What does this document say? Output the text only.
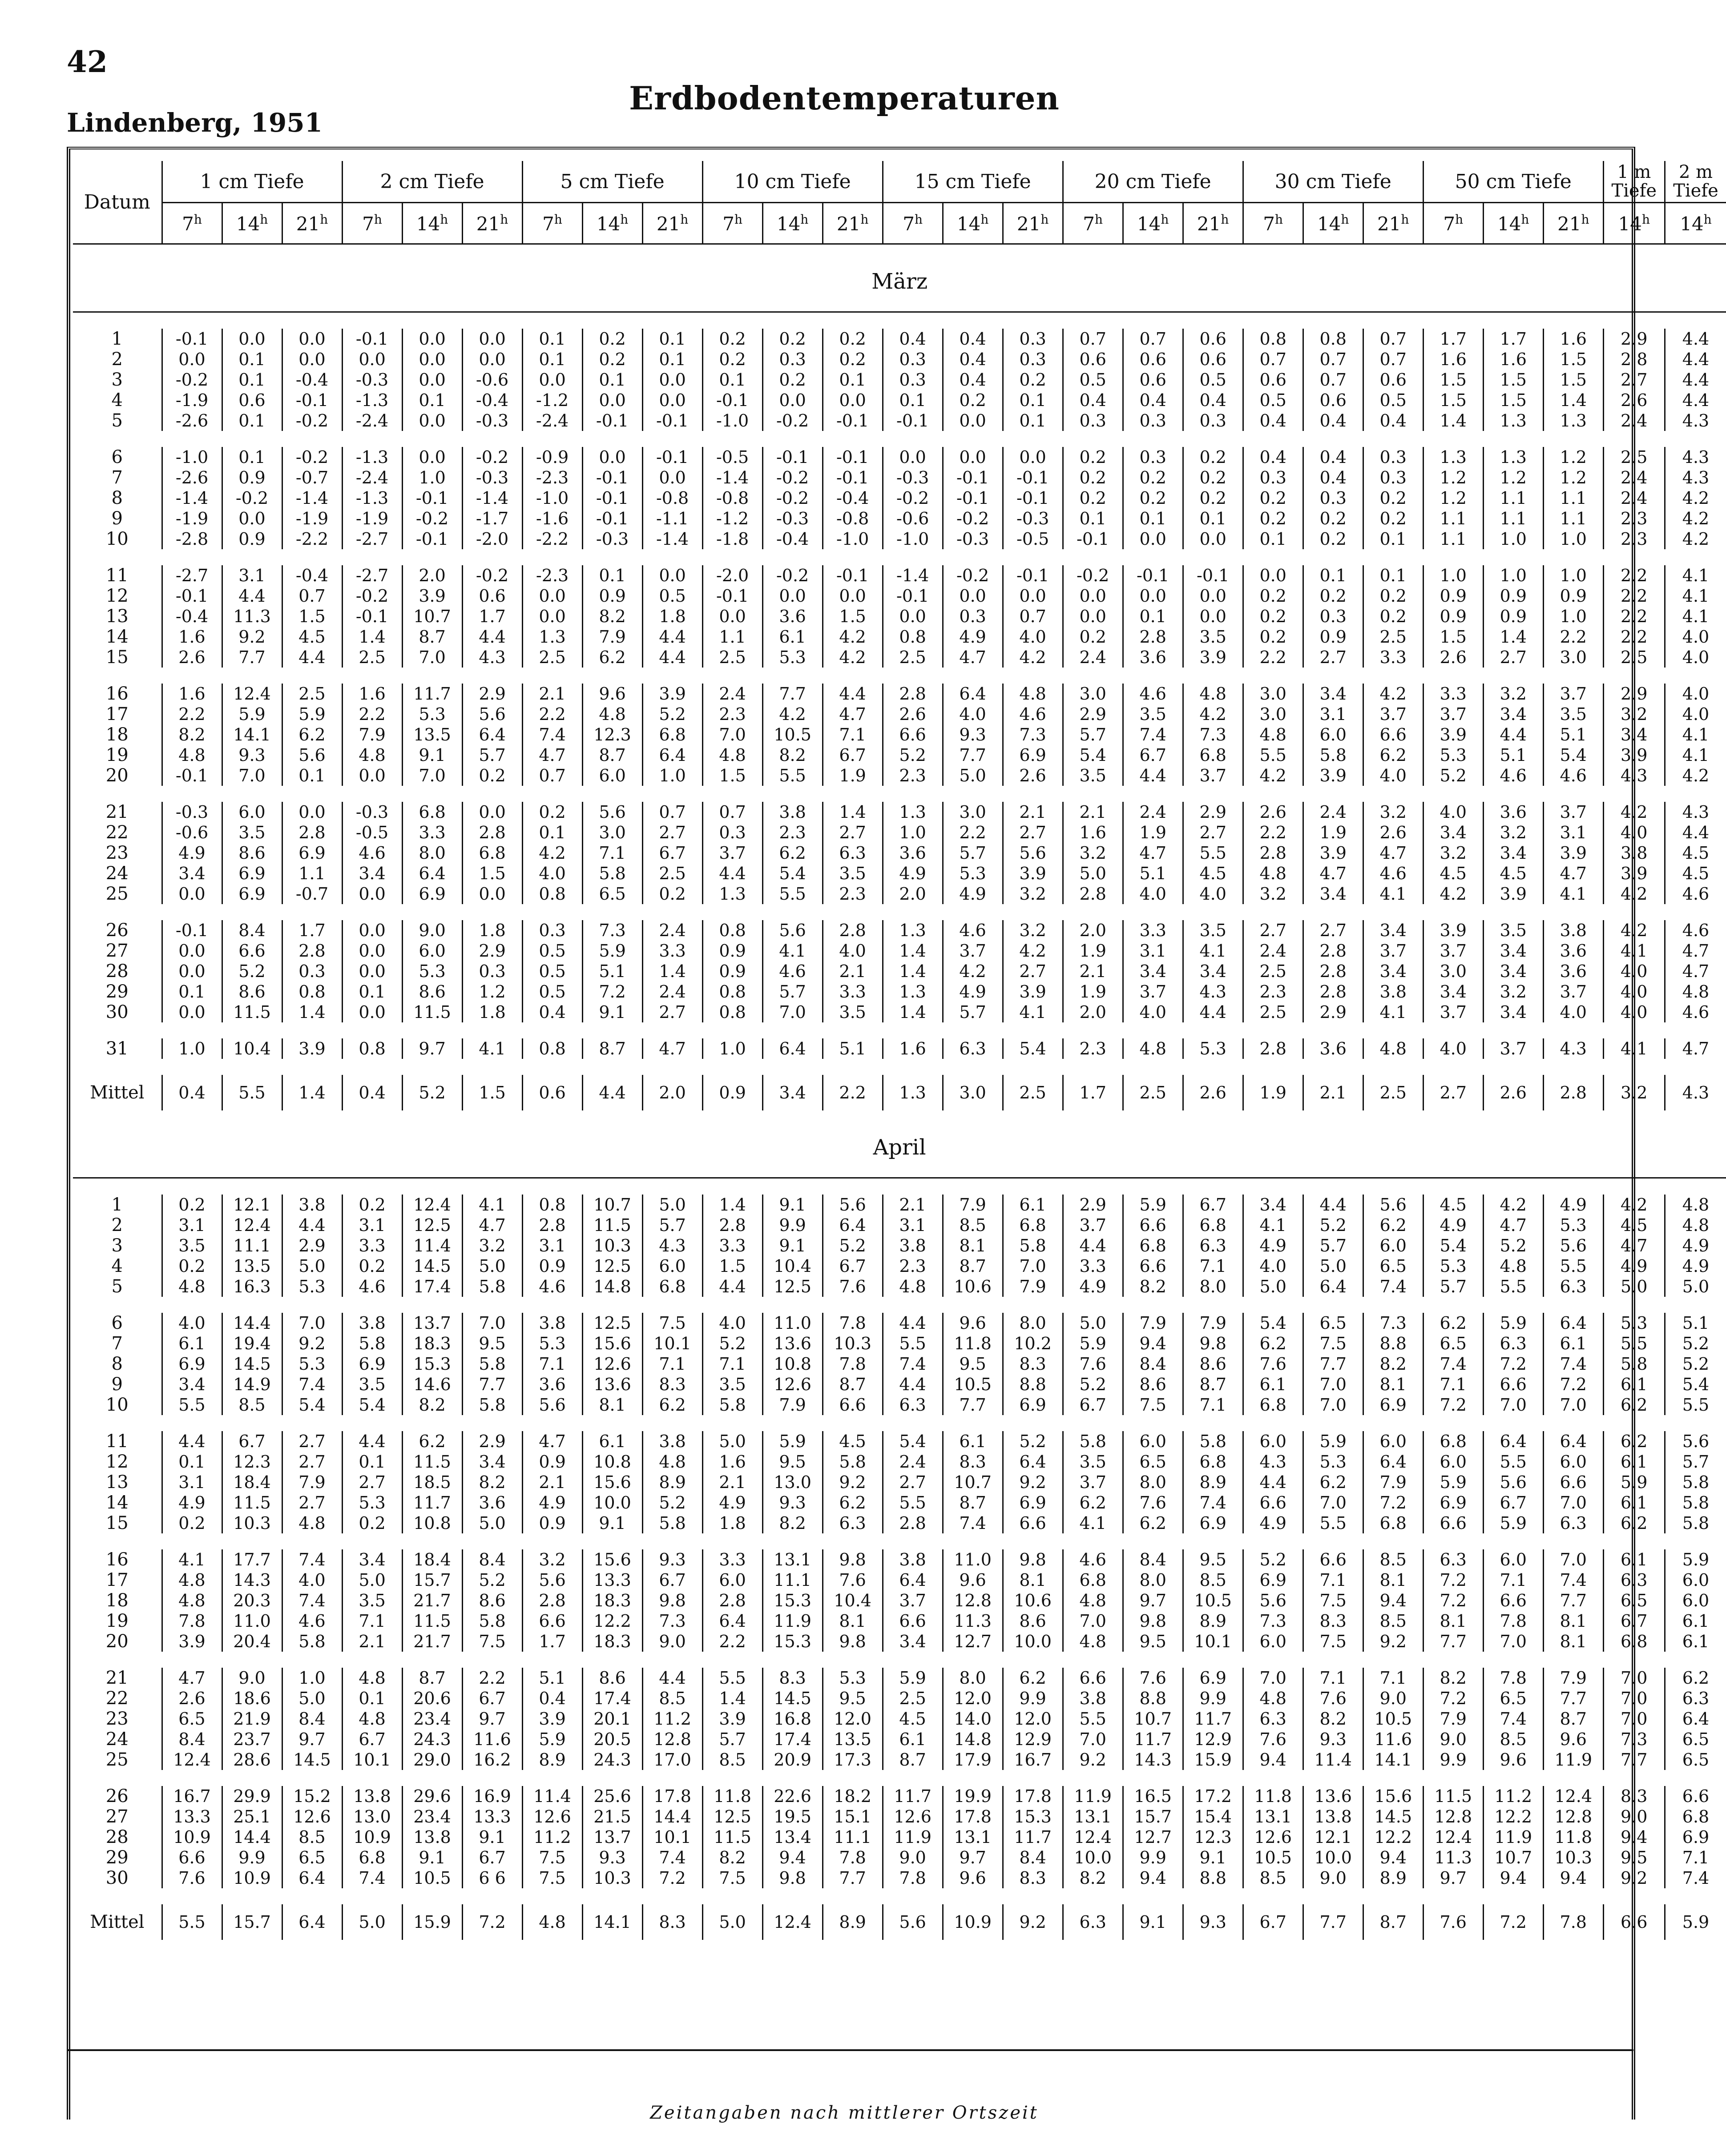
42
Erdbodentemperaturen
Lindenberg, 1951
Datum	1 cm Tiefe			2 cm Tiefe			5 cm Tiefe			10 cm Tiefe			15 cm Tiefe			20 cm Tiefe			30 cm Tiefe			50 cm Tiefe			1 m Tiefe	2 m Tiefe
	7$^h$	14$^h$	21$^h$	7$^h$	14$^h$	21$^h$	7$^h$	14$^h$	21$^h$	7$^h$	14$^h$	21$^h$	7$^h$	14$^h$	21$^h$	7$^h$	14$^h$	21$^h$	7$^h$	14$^h$	21$^h$	7$^h$	14$^h$	21$^h$	14$^h$	14$^h$
März																										

1	-0.1	0.0	0.0	-0.1	0.0	0.0	0.1	0.2	0.1	0.2	0.2	0.2	0.4	0.4	0.3	0.7	0.7	0.6	0.8	0.8	0.7	1.7	1.7	1.6	2.9	4.4
2	0.0	0.1	0.0	0.0	0.0	0.0	0.1	0.2	0.1	0.2	0.3	0.2	0.3	0.4	0.3	0.6	0.6	0.6	0.7	0.7	0.7	1.6	1.6	1.5	2 8	4.4
3	-0.2	0.1	-0.4	-0.3	0.0	-0.6	0.0	0.1	0.0	0.1	0.2	0.1	0.3	0.4	0.2	0.5	0.6	0.5	0.6	0.7	0.6	1.5	1.5	1.5	2.7	4.4
4	-1.9	0.6	-0.1	-1.3	0.1	-0.4	-1.2	0.0	0.0	-0.1	0.0	0.0	0.1	0.2	0.1	0.4	0.4	0.4	0.5	0.6	0.5	1.5	1.5	1.4	2.6	4.4
5	-2.6	0.1	-0.2	-2.4	0.0	-0.3	-2.4	-0.1	-0.1	-1.0	-0.2	-0.1	-0.1	0.0	0.1	0.3	0.3	0.3	0.4	0.4	0.4	1.4	1.3	1.3	2.4	4.3

6	-1.0	0.1	-0.2	-1.3	0.0	-0.2	-0.9	0.0	-0.1	-0.5	-0.1	-0.1	0.0	0.0	0.0	0.2	0.3	0.2	0.4	0.4	0.3	1.3	1.3	1.2	2.5	4.3
7	-2.6	0.9	-0.7	-2.4	1.0	-0.3	-2.3	-0.1	0.0	-1.4	-0.2	-0.1	-0.3	-0.1	-0.1	0.2	0.2	0.2	0.3	0.4	0.3	1.2	1.2	1.2	2.4	4.3
8	-1.4	-0.2	-1.4	-1.3	-0.1	-1.4	-1.0	-0.1	-0.8	-0.8	-0.2	-0.4	-0.2	-0.1	-0.1	0.2	0.2	0.2	0.2	0.3	0.2	1.2	1.1	1.1	2.4	4.2
9	-1.9	0.0	-1.9	-1.9	-0.2	-1.7	-1.6	-0.1	-1.1	-1.2	-0.3	-0.8	-0.6	-0.2	-0.3	0.1	0.1	0.1	0.2	0.2	0.2	1.1	1.1	1.1	2.3	4.2
10	-2.8	0.9	-2.2	-2.7	-0.1	-2.0	-2.2	-0.3	-1.4	-1.8	-0.4	-1.0	-1.0	-0.3	-0.5	-0.1	0.0	0.0	0.1	0.2	0.1	1.1	1.0	1.0	2.3	4.2

11	-2.7	3.1	-0.4	-2.7	2.0	-0.2	-2.3	0.1	0.0	-2.0	-0.2	-0.1	-1.4	-0.2	-0.1	-0.2	-0.1	-0.1	0.0	0.1	0.1	1.0	1.0	1.0	2.2	4.1
12	-0.1	4.4	0.7	-0.2	3.9	0.6	0.0	0.9	0.5	-0.1	0.0	0.0	-0.1	0.0	0.0	0.0	0.0	0.0	0.2	0.2	0.2	0.9	0.9	0.9	2.2	4.1
13	-0.4	11.3	1.5	-0.1	10.7	1.7	0.0	8.2	1.8	0.0	3.6	1.5	0.0	0.3	0.7	0.0	0.1	0.0	0.2	0.3	0.2	0.9	0.9	1.0	2.2	4.1
14	1.6	9.2	4.5	1.4	8.7	4.4	1.3	7.9	4.4	1.1	6.1	4.2	0.8	4.9	4.0	0.2	2.8	3.5	0.2	0.9	2.5	1.5	1.4	2.2	2.2	4.0
15	2.6	7.7	4.4	2.5	7.0	4.3	2.5	6.2	4.4	2.5	5.3	4.2	2.5	4.7	4.2	2.4	3.6	3.9	2.2	2.7	3.3	2.6	2.7	3.0	2.5	4.0

16	1.6	12.4	2.5	1.6	11.7	2.9	2.1	9.6	3.9	2.4	7.7	4.4	2.8	6.4	4.8	3.0	4.6	4.8	3.0	3.4	4.2	3.3	3.2	3.7	2.9	4.0
17	2.2	5.9	5.9	2.2	5.3	5.6	2.2	4.8	5.2	2.3	4.2	4.7	2.6	4.0	4.6	2.9	3.5	4.2	3.0	3.1	3.7	3.7	3.4	3.5	3.2	4.0
18	8.2	14.1	6.2	7.9	13.5	6.4	7.4	12.3	6.8	7.0	10.5	7.1	6.6	9.3	7.3	5.7	7.4	7.3	4.8	6.0	6.6	3.9	4.4	5.1	3.4	4.1
19	4.8	9.3	5.6	4.8	9.1	5.7	4.7	8.7	6.4	4.8	8.2	6.7	5.2	7.7	6.9	5.4	6.7	6.8	5.5	5.8	6.2	5.3	5.1	5.4	3.9	4.1
20	-0.1	7.0	0.1	0.0	7.0	0.2	0.7	6.0	1.0	1.5	5.5	1.9	2.3	5.0	2.6	3.5	4.4	3.7	4.2	3.9	4.0	5.2	4.6	4.6	4.3	4.2

21	-0.3	6.0	0.0	-0.3	6.8	0.0	0.2	5.6	0.7	0.7	3.8	1.4	1.3	3.0	2.1	2.1	2.4	2.9	2.6	2.4	3.2	4.0	3.6	3.7	4.2	4.3
22	-0.6	3.5	2.8	-0.5	3.3	2.8	0.1	3.0	2.7	0.3	2.3	2.7	1.0	2.2	2.7	1.6	1.9	2.7	2.2	1.9	2.6	3.4	3.2	3.1	4.0	4.4
23	4.9	8.6	6.9	4.6	8.0	6.8	4.2	7.1	6.7	3.7	6.2	6.3	3.6	5.7	5.6	3.2	4.7	5.5	2.8	3.9	4.7	3.2	3.4	3.9	3.8	4.5
24	3.4	6.9	1.1	3.4	6.4	1.5	4.0	5.8	2.5	4.4	5.4	3.5	4.9	5.3	3.9	5.0	5.1	4.5	4.8	4.7	4.6	4.5	4.5	4.7	3.9	4.5
25	0.0	6.9	-0.7	0.0	6.9	0.0	0.8	6.5	0.2	1.3	5.5	2.3	2.0	4.9	3.2	2.8	4.0	4.0	3.2	3.4	4.1	4.2	3.9	4.1	4.2	4.6

26	-0.1	8.4	1.7	0.0	9.0	1.8	0.3	7.3	2.4	0.8	5.6	2.8	1.3	4.6	3.2	2.0	3.3	3.5	2.7	2.7	3.4	3.9	3.5	3.8	4.2	4.6
27	0.0	6.6	2.8	0.0	6.0	2.9	0.5	5.9	3.3	0.9	4.1	4.0	1.4	3.7	4.2	1.9	3.1	4.1	2.4	2.8	3.7	3.7	3.4	3.6	4.1	4.7
28	0.0	5.2	0.3	0.0	5.3	0.3	0.5	5.1	1.4	0.9	4.6	2.1	1.4	4.2	2.7	2.1	3.4	3.4	2.5	2.8	3.4	3.0	3.4	3.6	4.0	4.7
29	0.1	8.6	0.8	0.1	8.6	1.2	0.5	7.2	2.4	0.8	5.7	3.3	1.3	4.9	3.9	1.9	3.7	4.3	2.3	2.8	3.8	3.4	3.2	3.7	4.0	4.8
30	0.0	11.5	1.4	0.0	11.5	1.8	0.4	9.1	2.7	0.8	7.0	3.5	1.4	5.7	4.1	2.0	4.0	4.4	2.5	2.9	4.1	3.7	3.4	4.0	4.0	4.6

31	1.0	10.4	3.9	0.8	9.7	4.1	0.8	8.7	4.7	1.0	6.4	5.1	1.6	6.3	5.4	2.3	4.8	5.3	2.8	3.6	4.8	4.0	3.7	4.3	4.1	4.7

Mittel	0.4	5.5	1.4	0.4	5.2	1.5	0.6	4.4	2.0	0.9	3.4	2.2	1.3	3.0	2.5	1.7	2.5	2.6	1.9	2.1	2.5	2.7	2.6	2.8	3.2	4.3
April																										

1	0.2	12.1	3.8	0.2	12.4	4.1	0.8	10.7	5.0	1.4	9.1	5.6	2.1	7.9	6.1	2.9	5.9	6.7	3.4	4.4	5.6	4.5	4.2	4.9	4.2	4.8
2	3.1	12.4	4.4	3.1	12.5	4.7	2.8	11.5	5.7	2.8	9.9	6.4	3.1	8.5	6.8	3.7	6.6	6.8	4.1	5.2	6.2	4.9	4.7	5.3	4.5	4.8
3	3.5	11.1	2.9	3.3	11.4	3.2	3.1	10.3	4.3	3.3	9.1	5.2	3.8	8.1	5.8	4.4	6.8	6.3	4.9	5.7	6.0	5.4	5.2	5.6	4.7	4.9
4	0.2	13.5	5.0	0.2	14.5	5.0	0.9	12.5	6.0	1.5	10.4	6.7	2.3	8.7	7.0	3.3	6.6	7.1	4.0	5.0	6.5	5.3	4.8	5.5	4.9	4.9
5	4.8	16.3	5.3	4.6	17.4	5.8	4.6	14.8	6.8	4.4	12.5	7.6	4.8	10.6	7.9	4.9	8.2	8.0	5.0	6.4	7.4	5.7	5.5	6.3	5.0	5.0

6	4.0	14.4	7.0	3.8	13.7	7.0	3.8	12.5	7.5	4.0	11.0	7.8	4.4	9.6	8.0	5.0	7.9	7.9	5.4	6.5	7.3	6.2	5.9	6.4	5.3	5.1
7	6.1	19.4	9.2	5.8	18.3	9.5	5.3	15.6	10.1	5.2	13.6	10.3	5.5	11.8	10.2	5.9	9.4	9.8	6.2	7.5	8.8	6.5	6.3	6.1	5.5	5.2
8	6.9	14.5	5.3	6.9	15.3	5.8	7.1	12.6	7.1	7.1	10.8	7.8	7.4	9.5	8.3	7.6	8.4	8.6	7.6	7.7	8.2	7.4	7.2	7.4	5.8	5.2
9	3.4	14.9	7.4	3.5	14.6	7.7	3.6	13.6	8.3	3.5	12.6	8.7	4.4	10.5	8.8	5.2	8.6	8.7	6.1	7.0	8.1	7.1	6.6	7.2	6.1	5.4
10	5.5	8.5	5.4	5.4	8.2	5.8	5.6	8.1	6.2	5.8	7.9	6.6	6.3	7.7	6.9	6.7	7.5	7.1	6.8	7.0	6.9	7.2	7.0	7.0	6.2	5.5

11	4.4	6.7	2.7	4.4	6.2	2.9	4.7	6.1	3.8	5.0	5.9	4.5	5.4	6.1	5.2	5.8	6.0	5.8	6.0	5.9	6.0	6.8	6.4	6.4	6.2	5.6
12	0.1	12.3	2.7	0.1	11.5	3.4	0.9	10.8	4.8	1.6	9.5	5.8	2.4	8.3	6.4	3.5	6.5	6.8	4.3	5.3	6.4	6.0	5.5	6.0	6.1	5.7
13	3.1	18.4	7.9	2.7	18.5	8.2	2.1	15.6	8.9	2.1	13.0	9.2	2.7	10.7	9.2	3.7	8.0	8.9	4.4	6.2	7.9	5.9	5.6	6.6	5.9	5.8
14	4.9	11.5	2.7	5.3	11.7	3.6	4.9	10.0	5.2	4.9	9.3	6.2	5.5	8.7	6.9	6.2	7.6	7.4	6.6	7.0	7.2	6.9	6.7	7.0	6.1	5.8
15	0.2	10.3	4.8	0.2	10.8	5.0	0.9	9.1	5.8	1.8	8.2	6.3	2.8	7.4	6.6	4.1	6.2	6.9	4.9	5.5	6.8	6.6	5.9	6.3	6.2	5.8

16	4.1	17.7	7.4	3.4	18.4	8.4	3.2	15.6	9.3	3.3	13.1	9.8	3.8	11.0	9.8	4.6	8.4	9.5	5.2	6.6	8.5	6.3	6.0	7.0	6.1	5.9
17	4.8	14.3	4.0	5.0	15.7	5.2	5.6	13.3	6.7	6.0	11.1	7.6	6.4	9.6	8.1	6.8	8.0	8.5	6.9	7.1	8.1	7.2	7.1	7.4	6.3	6.0
18	4.8	20.3	7.4	3.5	21.7	8.6	2.8	18.3	9.8	2.8	15.3	10.4	3.7	12.8	10.6	4.8	9.7	10.5	5.6	7.5	9.4	7.2	6.6	7.7	6.5	6.0
19	7.8	11.0	4.6	7.1	11.5	5.8	6.6	12.2	7.3	6.4	11.9	8.1	6.6	11.3	8.6	7.0	9.8	8.9	7.3	8.3	8.5	8.1	7.8	8.1	6.7	6.1
20	3.9	20.4	5.8	2.1	21.7	7.5	1.7	18.3	9.0	2.2	15.3	9.8	3.4	12.7	10.0	4.8	9.5	10.1	6.0	7.5	9.2	7.7	7.0	8.1	6.8	6.1

21	4.7	9.0	1.0	4.8	8.7	2.2	5.1	8.6	4.4	5.5	8.3	5.3	5.9	8.0	6.2	6.6	7.6	6.9	7.0	7.1	7.1	8.2	7.8	7.9	7.0	6.2
22	2.6	18.6	5.0	0.1	20.6	6.7	0.4	17.4	8.5	1.4	14.5	9.5	2.5	12.0	9.9	3.8	8.8	9.9	4.8	7.6	9.0	7.2	6.5	7.7	7.0	6.3
23	6.5	21.9	8.4	4.8	23.4	9.7	3.9	20.1	11.2	3.9	16.8	12.0	4.5	14.0	12.0	5.5	10.7	11.7	6.3	8.2	10.5	7.9	7.4	8.7	7.0	6.4
24	8.4	23.7	9.7	6.7	24.3	11.6	5.9	20.5	12.8	5.7	17.4	13.5	6.1	14.8	12.9	7.0	11.7	12.9	7.6	9.3	11.6	9.0	8.5	9.6	7.3	6.5
25	12.4	28.6	14.5	10.1	29.0	16.2	8.9	24.3	17.0	8.5	20.9	17.3	8.7	17.9	16.7	9.2	14.3	15.9	9.4	11.4	14.1	9.9	9.6	11.9	7.7	6.5

26	16.7	29.9	15.2	13.8	29.6	16.9	11.4	25.6	17.8	11.8	22.6	18.2	11.7	19.9	17.8	11.9	16.5	17.2	11.8	13.6	15.6	11.5	11.2	12.4	8.3	6.6
27	13.3	25.1	12.6	13.0	23.4	13.3	12.6	21.5	14.4	12.5	19.5	15.1	12.6	17.8	15.3	13.1	15.7	15.4	13.1	13.8	14.5	12.8	12.2	12.8	9.0	6.8
28	10.9	14.4	8.5	10.9	13.8	9.1	11.2	13.7	10.1	11.5	13.4	11.1	11.9	13.1	11.7	12.4	12.7	12.3	12.6	12.1	12.2	12.4	11.9	11.8	9.4	6.9
29	6.6	9.9	6.5	6.8	9.1	6.7	7.5	9.3	7.4	8.2	9.4	7.8	9.0	9.7	8.4	10.0	9.9	9.1	10.5	10.0	9.4	11.3	10.7	10.3	9.5	7.1
30	7.6	10.9	6.4	7.4	10.5	6 6	7.5	10.3	7.2	7.5	9.8	7.7	7.8	9.6	8.3	8.2	9.4	8.8	8.5	9.0	8.9	9.7	9.4	9.4	9.2	7.4

Mittel	5.5	15.7	6.4	5.0	15.9	7.2	4.8	14.1	8.3	5.0	12.4	8.9	5.6	10.9	9.2	6.3	9.1	9.3	6.7	7.7	8.7	7.6	7.2	7.8	6.6	5.9
Zeitangaben nach mittlerer Ortszeit
